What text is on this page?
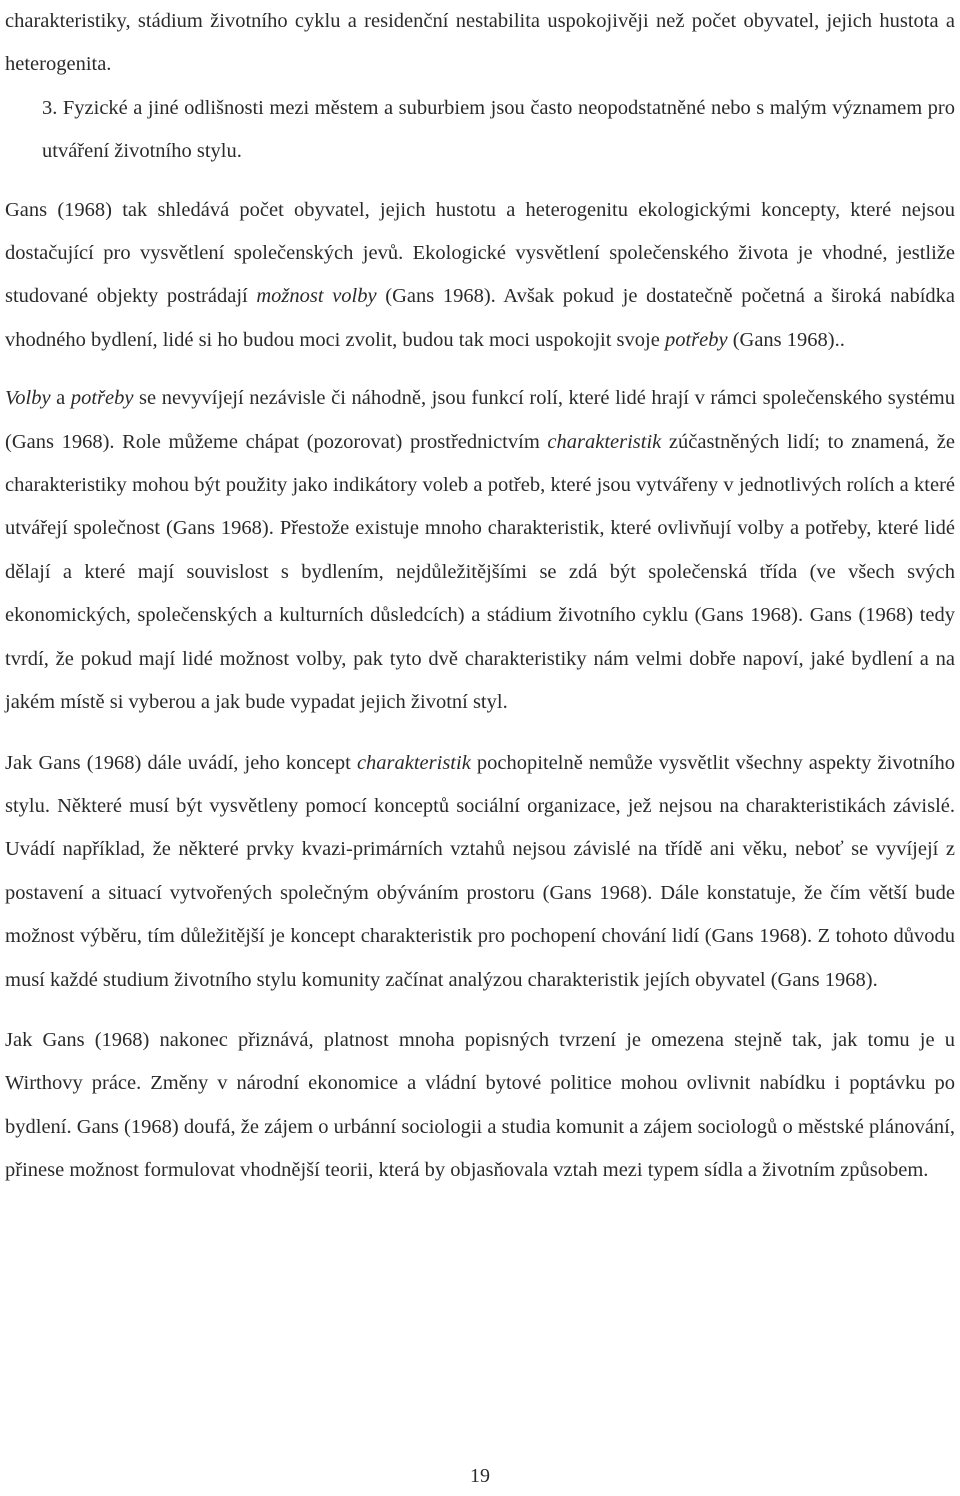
charakteristiky, stádium životního cyklu a residenční nestabilita uspokojivěji než počet obyvatel, jejich hustota a heterogenita.

3. Fyzické a jiné odlišnosti mezi městem a suburbiem jsou často neopodstatněné nebo s malým významem pro utváření životního stylu.

Gans (1968) tak shledává počet obyvatel, jejich hustotu a heterogenitu ekologickými koncepty, které nejsou dostačující pro vysvětlení společenských jevů. Ekologické vysvětlení společenského života je vhodné, jestliže studované objekty postrádají možnost volby (Gans 1968). Avšak pokud je dostatečně početná a široká nabídka vhodného bydlení, lidé si ho budou moci zvolit, budou tak moci uspokojit svoje potřeby (Gans 1968)..

Volby a potřeby se nevyvíjejí nezávisle či náhodně, jsou funkcí rolí, které lidé hrají v rámci společenského systému (Gans 1968). Role můžeme chápat (pozorovat) prostřednictvím charakteristik zúčastněných lidí; to znamená, že charakteristiky mohou být použity jako indikátory voleb a potřeb, které jsou vytvářeny v jednotlivých rolích a které utvářejí společnost (Gans 1968). Přestože existuje mnoho charakteristik, které ovlivňují volby a potřeby, které lidé dělají a které mají souvislost s bydlením, nejdůležitějšími se zdá být společenská třída (ve všech svých ekonomických, společenských a kulturních důsledcích) a stádium životního cyklu (Gans 1968). Gans (1968) tedy tvrdí, že pokud mají lidé možnost volby, pak tyto dvě charakteristiky nám velmi dobře napoví, jaké bydlení a na jakém místě si vyberou a jak bude vypadat jejich životní styl.

Jak Gans (1968) dále uvádí, jeho koncept charakteristik pochopitelně nemůže vysvětlit všechny aspekty životního stylu. Některé musí být vysvětleny pomocí konceptů sociální organizace, jež nejsou na charakteristikách závislé. Uvádí například, že některé prvky kvazi-primárních vztahů nejsou závislé na třídě ani věku, neboť se vyvíjejí z postavení a situací vytvořených společným obýváním prostoru (Gans 1968). Dále konstatuje, že čím větší bude možnost výběru, tím důležitější je koncept charakteristik pro pochopení chování lidí (Gans 1968). Z tohoto důvodu musí každé studium životního stylu komunity začínat analýzou charakteristik jejích obyvatel (Gans 1968).

Jak Gans (1968) nakonec přiznává, platnost mnoha popisných tvrzení je omezena stejně tak, jak tomu je u Wirthovy práce. Změny v národní ekonomice a vládní bytové politice mohou ovlivnit nabídku i poptávku po bydlení. Gans (1968) doufá, že zájem o urbánní sociologii a studia komunit a zájem sociologů o městské plánování, přinese možnost formulovat vhodnější teorii, která by objasňovala vztah mezi typem sídla a životním způsobem.

19
